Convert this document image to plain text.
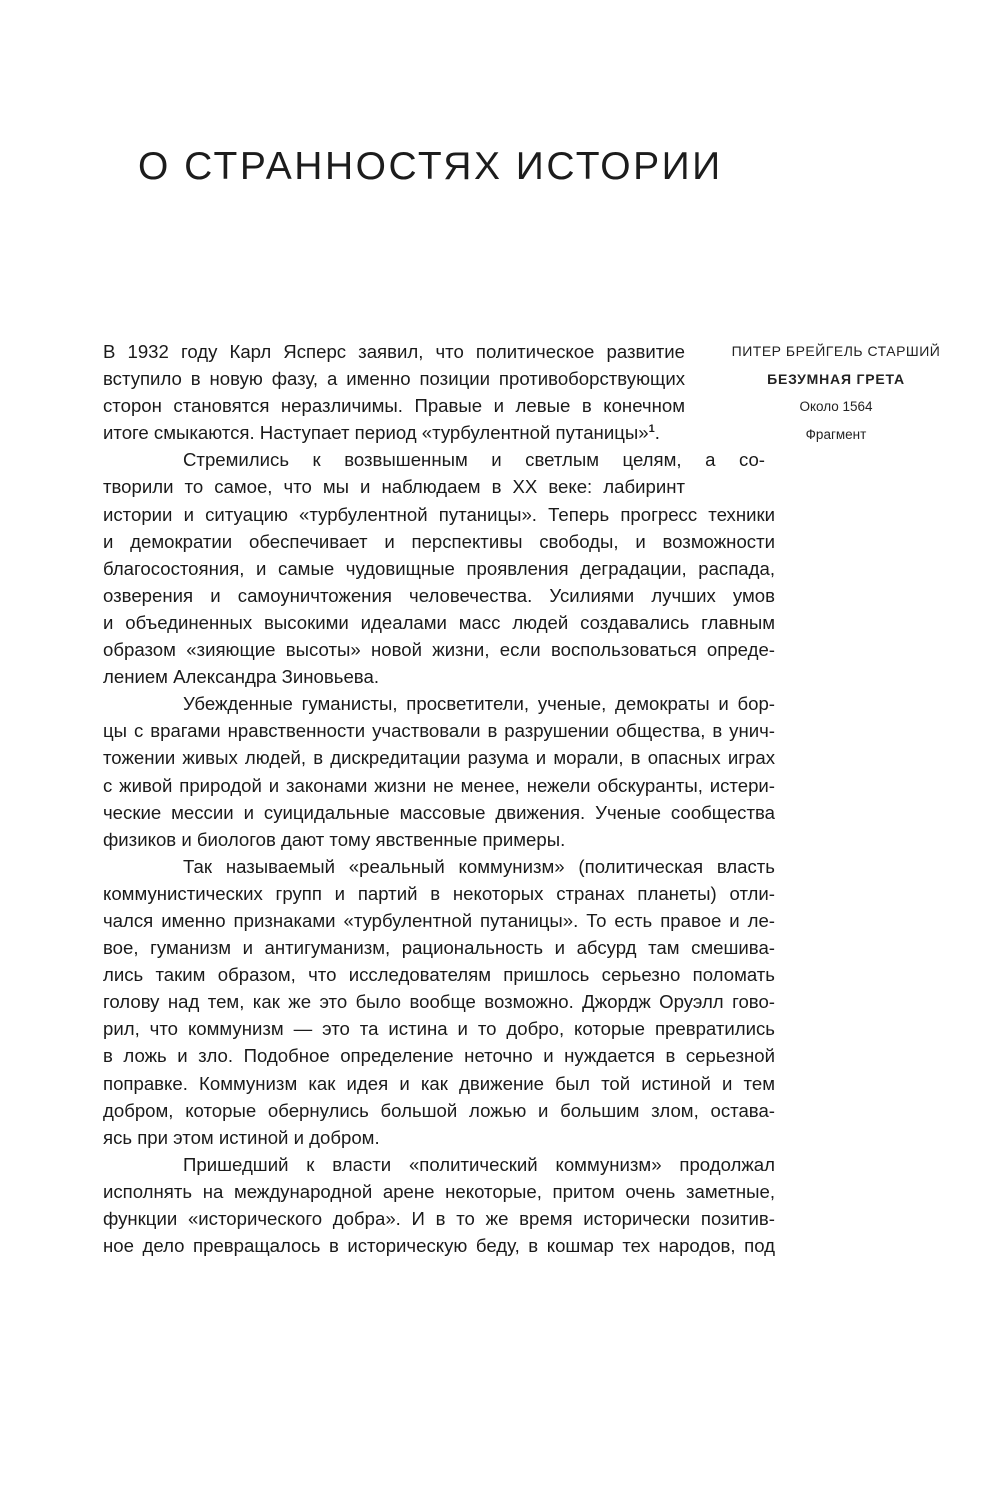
О СТРАННОСТЯХ ИСТОРИИ
ПИТЕР БРЕЙГЕЛЬ СТАРШИЙ
БЕЗУМНАЯ ГРЕТА
Около 1564
Фрагмент
В 1932 году Карл Ясперс заявил, что политическое развитие
вступило в новую фазу, а именно позиции противоборствующих
сторон становятся неразличимы. Правые и левые в конечном
итоге смыкаются. Наступает период «турбулентной путаницы»$^1$.
Стремились к возвышенным и светлым целям, а со-
творили то самое, что мы и наблюдаем в XX веке: лабиринт
истории и ситуацию «турбулентной путаницы». Теперь прогресс техники
и демократии обеспечивает и перспективы свободы, и возможности
благосостояния, и самые чудовищные проявления деградации, распада,
озверения и самоуничтожения человечества. Усилиями лучших умов
и объединенных высокими идеалами масс людей создавались главным
образом «зияющие высоты» новой жизни, если воспользоваться опреде-
лением Александра Зиновьева.
Убежденные гуманисты, просветители, ученые, демократы и бор-
цы с врагами нравственности участвовали в разрушении общества, в унич-
тожении живых людей, в дискредитации разума и морали, в опасных играх
с живой природой и законами жизни не менее, нежели обскуранты, истери-
ческие мессии и суицидальные массовые движения. Ученые сообщества
физиков и биологов дают тому явственные примеры.
Так называемый «реальный коммунизм» (политическая власть
коммунистических групп и партий в некоторых странах планеты) отли-
чался именно признаками «турбулентной путаницы». То есть правое и ле-
вое, гуманизм и антигуманизм, рациональность и абсурд там смешива-
лись таким образом, что исследователям пришлось серьезно поломать
голову над тем, как же это было вообще возможно. Джордж Оруэлл гово-
рил, что коммунизм — это та истина и то добро, которые превратились
в ложь и зло. Подобное определение неточно и нуждается в серьезной
поправке. Коммунизм как идея и как движение был той истиной и тем
добром, которые обернулись большой ложью и большим злом, остава-
ясь при этом истиной и добром.
Пришедший к власти «политический коммунизм» продолжал
исполнять на международной арене некоторые, притом очень заметные,
функции «исторического добра». И в то же время исторически позитив-
ное дело превращалось в историческую беду, в кошмар тех народов, под
